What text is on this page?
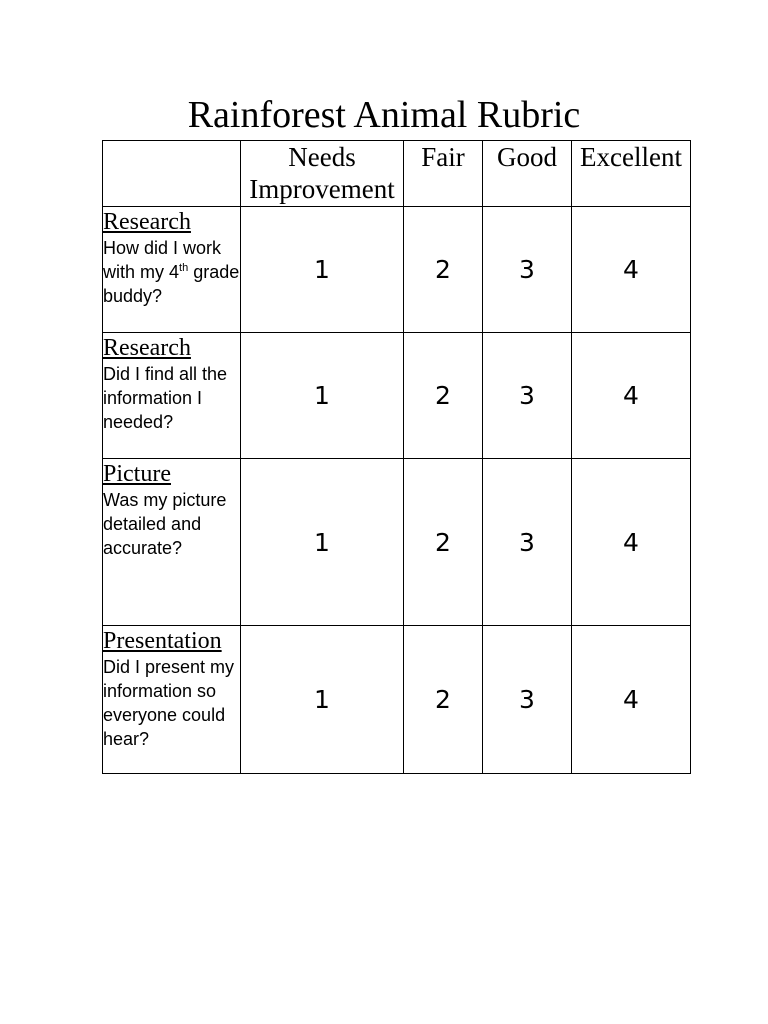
Rainforest Animal Rubric
	Needs Improvement	Fair	Good	Excellent

Research
How did I work with my 4th grade buddy?	1	2	3	4

Research
Did I find all the information I needed?	1	2	3	4

Picture
Was my picture detailed and accurate?	1	2	3	4

Presentation
Did I present my information so everyone could hear?	1	2	3	4
